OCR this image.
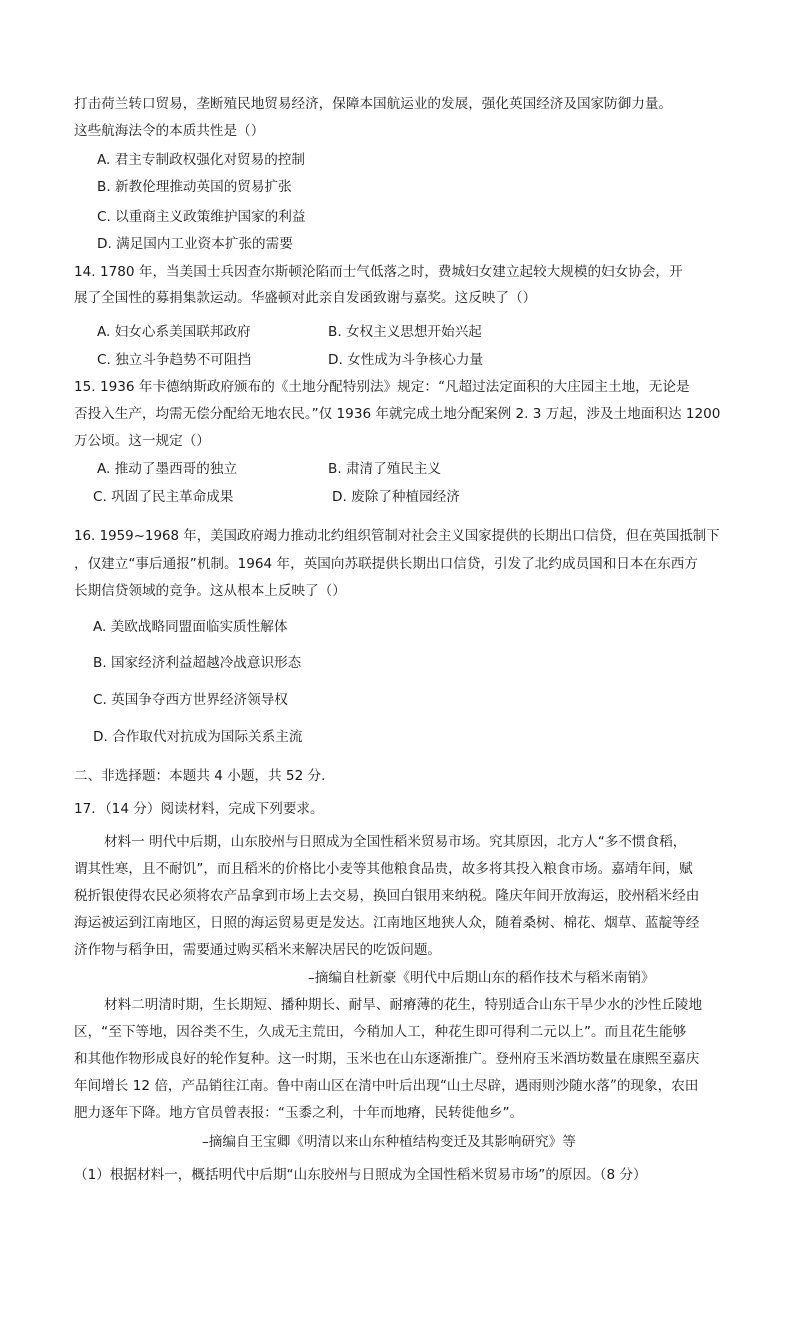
打击荷兰转口贸易，垄断殖民地贸易经济，保障本国航运业的发展，强化英国经济及国家防御力量。
这些航海法令的本质共性是（）
A. 君主专制政权强化对贸易的控制
B. 新教伦理推动英国的贸易扩张
C. 以重商主义政策维护国家的利益
D. 满足国内工业资本扩张的需要
14. 1780 年，当美国士兵因查尔斯顿沦陷而士气低落之时，费城妇女建立起较大规模的妇女协会，开
展了全国性的募捐集款运动。华盛顿对此亲自发函致谢与嘉奖。这反映了（）
A. 妇女心系美国联邦政府	B. 女权主义思想开始兴起
C. 独立斗争趋势不可阻挡	D. 女性成为斗争核心力量
15. 1936 年卡德纳斯政府颁布的《土地分配特别法》规定：“凡超过法定面积的大庄园主土地，无论是
否投入生产，均需无偿分配给无地农民。”仅 1936 年就完成土地分配案例 2. 3 万起，涉及土地面积达 1200
万公顷。这一规定（）
A. 推动了墨西哥的独立	B. 肃清了殖民主义
C. 巩固了民主革命成果	D. 废除了种植园经济
16. 1959~1968 年，美国政府竭力推动北约组织管制对社会主义国家提供的长期出口信贷，但在英国抵制下
，仅建立“事后通报”机制。1964 年，英国向苏联提供长期出口信贷，引发了北约成员国和日本在东西方
长期信贷领域的竞争。这从根本上反映了（）
A. 美欧战略同盟面临实质性解体
B. 国家经济利益超越冷战意识形态
C. 英国争夺西方世界经济领导权
D. 合作取代对抗成为国际关系主流
二、非选择题：本题共 4 小题，共 52 分．
17．（14 分）阅读材料，完成下列要求。
材料一 明代中后期，山东胶州与日照成为全国性稻米贸易市场。究其原因，北方人“多不惯食稻，
谓其性寒，且不耐饥”，而且稻米的价格比小麦等其他粮食品贵，故多将其投入粮食市场。嘉靖年间，赋
税折银使得农民必须将农产品拿到市场上去交易，换回白银用来纳税。隆庆年间开放海运，胶州稻米经由
海运被运到江南地区，日照的海运贸易更是发达。江南地区地狭人众，随着桑树、棉花、烟草、蓝靛等经
济作物与稻争田，需要通过购买稻米来解决居民的吃饭问题。
–摘编自杜新豪《明代中后期山东的稻作技术与稻米南销》
材料二明清时期，生长期短、播种期长、耐旱、耐瘠薄的花生，特别适合山东干旱少水的沙性丘陵地
区，“至下等地，因谷类不生，久成无主荒田，今稍加人工，种花生即可得利二元以上”。而且花生能够
和其他作物形成良好的轮作复种。这一时期，玉米也在山东逐渐推广。登州府玉米酒坊数量在康熙至嘉庆
年间增长 12 倍，产品销往江南。鲁中南山区在清中叶后出现“山土尽辟，遇雨则沙随水落”的现象，农田
肥力逐年下降。地方官员曾表报：“玉黍之利，十年而地瘠，民转徙他乡”。
–摘编自王宝卿《明清以来山东种植结构变迁及其影响研究》等
（1）根据材料一，概括明代中后期“山东胶州与日照成为全国性稻米贸易市场”的原因。（8 分）
